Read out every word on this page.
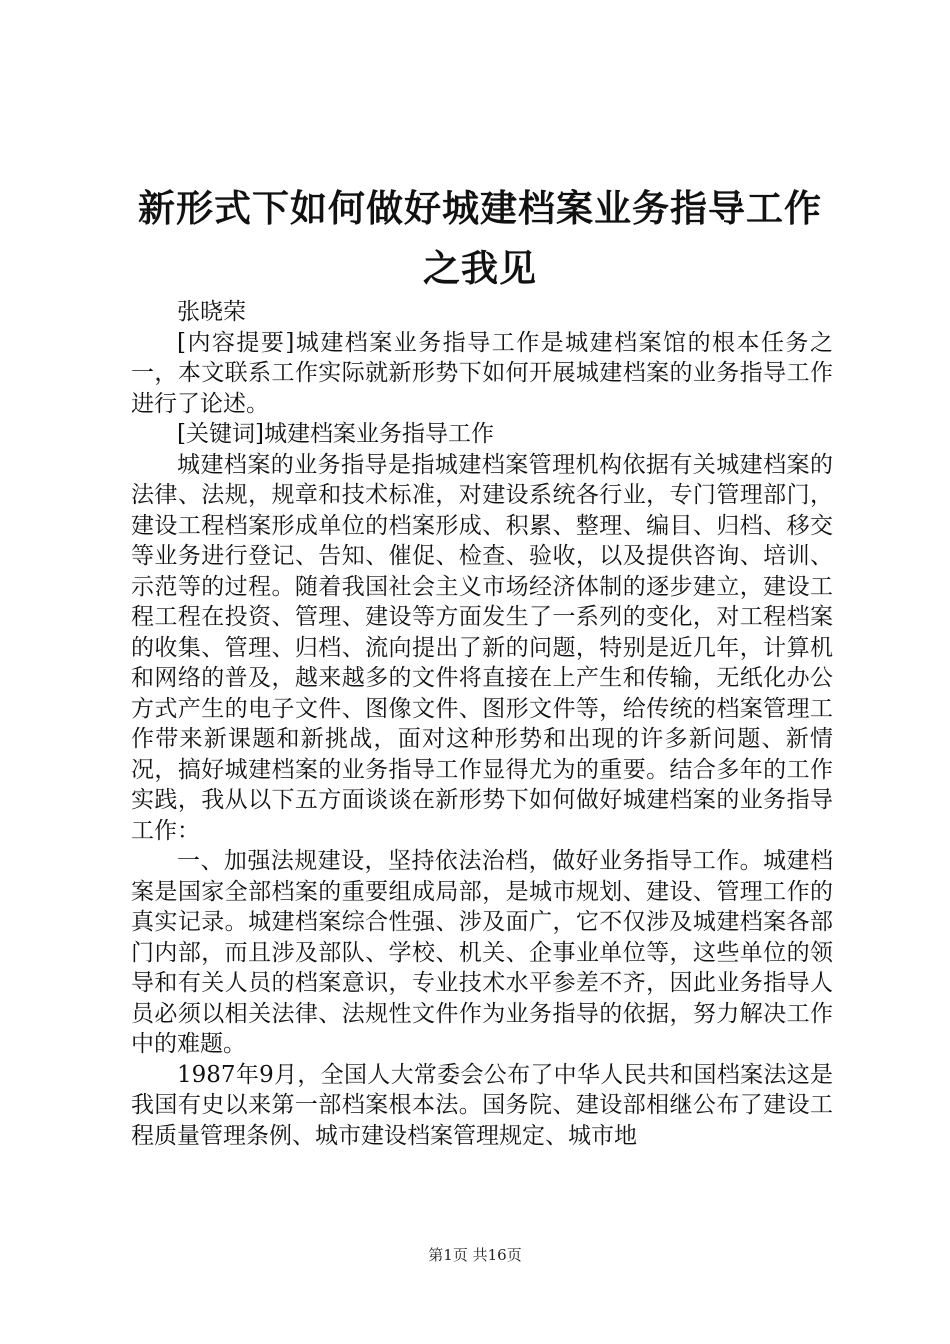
新形式下如何做好城建档案业务指导工作之我见

张晓荣

[内容提要]城建档案业务指导工作是城建档案馆的根本任务之一，本文联系工作实际就新形势下如何开展城建档案的业务指导工作进行了论述。

[关键词]城建档案业务指导工作

城建档案的业务指导是指城建档案管理机构依据有关城建档案的法律、法规，规章和技术标准，对建设系统各行业，专门管理部门，建设工程档案形成单位的档案形成、积累、整理、编目、归档、移交等业务进行登记、告知、催促、检查、验收，以及提供咨询、培训、示范等的过程。随着我国社会主义市场经济体制的逐步建立，建设工程工程在投资、管理、建设等方面发生了一系列的变化，对工程档案的收集、管理、归档、流向提出了新的问题，特别是近几年，计算机和网络的普及，越来越多的文件将直接在上产生和传输，无纸化办公方式产生的电子文件、图像文件、图形文件等，给传统的档案管理工作带来新课题和新挑战，面对这种形势和出现的许多新问题、新情况，搞好城建档案的业务指导工作显得尤为的重要。结合多年的工作实践，我从以下五方面谈谈在新形势下如何做好城建档案的业务指导工作：

一、加强法规建设，坚持依法治档，做好业务指导工作。城建档案是国家全部档案的重要组成局部，是城市规划、建设、管理工作的真实记录。城建档案综合性强、涉及面广，它不仅涉及城建档案各部门内部，而且涉及部队、学校、机关、企事业单位等，这些单位的领导和有关人员的档案意识，专业技术水平参差不齐，因此业务指导人员必须以相关法律、法规性文件作为业务指导的依据，努力解决工作中的难题。

1987年9月，全国人大常委会公布了中华人民共和国档案法这是我国有史以来第一部档案根本法。国务院、建设部相继公布了建设工程质量管理条例、城市建设档案管理规定、城市地

第1页 共16页
